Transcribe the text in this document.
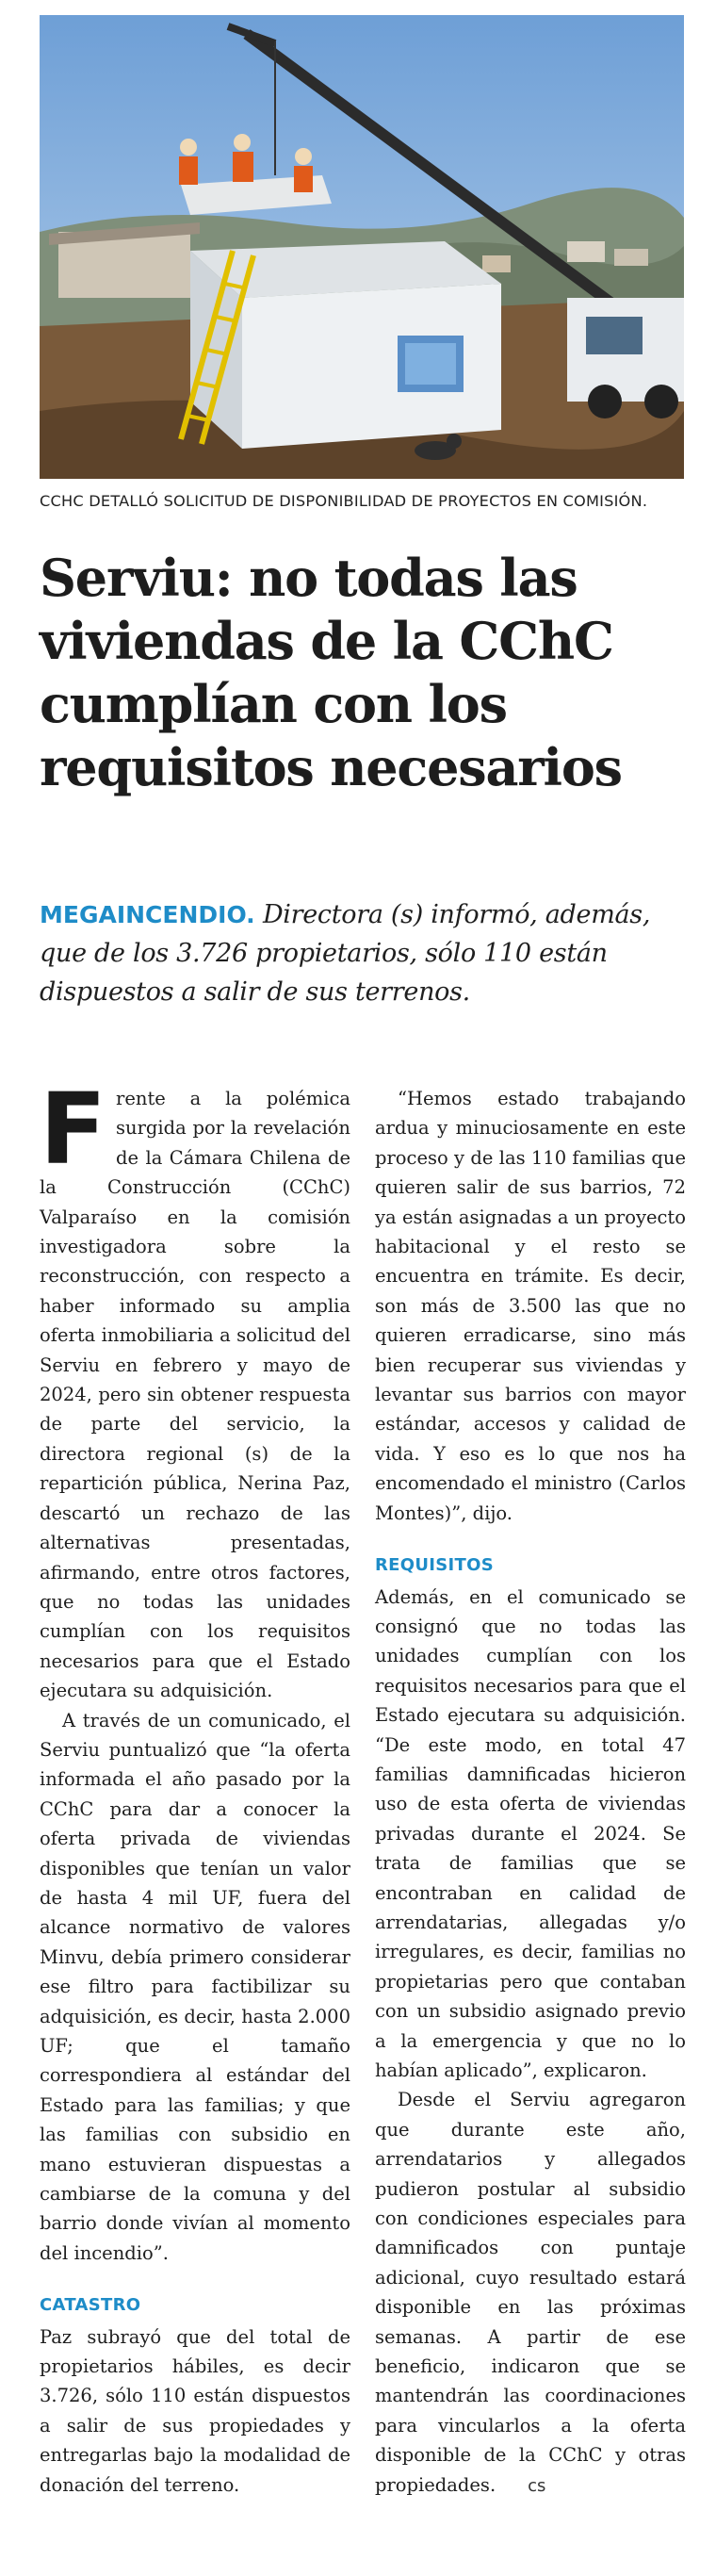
CCHC DETALLÓ SOLICITUD DE DISPONIBILIDAD DE PROYECTOS EN COMISIÓN.
Serviu: no todas las
viviendas de la CChC
cumplían con los
requisitos necesarios
MEGAINCENDIO. Directora (s) informó, además, que de los 3.726 propietarios, sólo 110 están dispuestos a salir de sus terrenos.

Frente a la polémica surgida por la revelación de la Cámara Chilena de la Construcción (CChC) Valparaíso en la comisión investigadora sobre la reconstrucción, con respecto a haber informado su amplia oferta inmobiliaria a solicitud del Serviu en febrero y mayo de 2024, pero sin obtener respuesta de parte del servicio, la directora regional (s) de la repartición pública, Nerina Paz, descartó un rechazo de las alternativas presentadas, afirmando, entre otros factores, que no todas las unidades cumplían con los requisitos necesarios para que el Estado ejecutara su adquisición.

A través de un comunicado, el Serviu puntualizó que “la oferta informada el año pasado por la CChC para dar a conocer la oferta privada de viviendas disponibles que tenían un valor de hasta 4 mil UF, fuera del alcance normativo de valores Minvu, debía primero considerar ese filtro para factibilizar su adquisición, es decir, hasta 2.000 UF; que el tamaño correspondiera al estándar del Estado para las familias; y que las familias con subsidio en mano estuvieran dispuestas a cambiarse de la comuna y del barrio donde vivían al momento del incendio”.

CATASTRO

Paz subrayó que del total de propietarios hábiles, es decir 3.726, sólo 110 están dispuestos a salir de sus propiedades y entregarlas bajo la modalidad de donación del terreno.

“Hemos estado trabajando ardua y minuciosamente en este proceso y de las 110 familias que quieren salir de sus barrios, 72 ya están asignadas a un proyecto habitacional y el resto se encuentra en trámite. Es decir, son más de 3.500 las que no quieren erradicarse, sino más bien recuperar sus viviendas y levantar sus barrios con mayor estándar, accesos y calidad de vida. Y eso es lo que nos ha encomendado el ministro (Carlos Montes)”, dijo.

REQUISITOS

Además, en el comunicado se consignó que no todas las unidades cumplían con los requisitos necesarios para que el Estado ejecutara su adquisición. “De este modo, en total 47 familias damnificadas hicieron uso de esta oferta de viviendas privadas durante el 2024. Se trata de familias que se encontraban en calidad de arrendatarias, allegadas y/o irregulares, es decir, familias no propietarias pero que contaban con un subsidio asignado previo a la emergencia y que no lo habían aplicado”, explicaron.

Desde el Serviu agregaron que durante este año, arrendatarios y allegados pudieron postular al subsidio con condiciones especiales para damnificados con puntaje adicional, cuyo resultado estará disponible en las próximas semanas. A partir de ese beneficio, indicaron que se mantendrán las coordinaciones para vincularlos a la oferta disponible de la CChC y otras propiedades. cs
